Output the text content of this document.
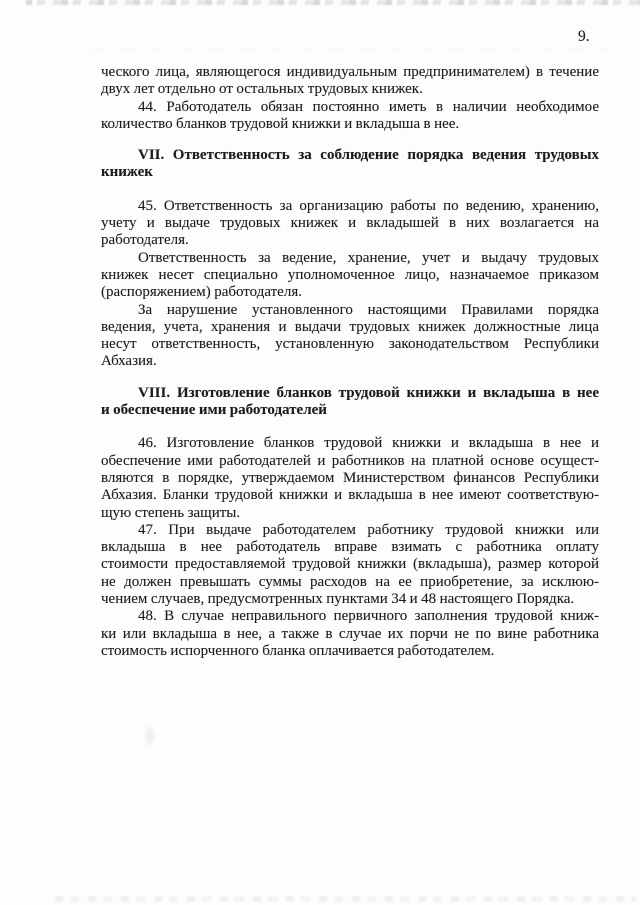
9.
ческого лица, являющегося индивидуальным предпринимателем) в течение
двух лет отдельно от остальных трудовых книжек.
44. Работодатель обязан постоянно иметь в наличии необходимое
количество бланков трудовой книжки и вкладыша в нее.
VII. Ответственность за соблюдение порядка ведения трудовых
книжек
45. Ответственность за организацию работы по ведению, хранению,
учету и выдаче трудовых книжек и вкладышей в них возлагается на
работодателя.
Ответственность за ведение, хранение, учет и выдачу трудовых
книжек несет специально уполномоченное лицо, назначаемое приказом
(распоряжением) работодателя.
За нарушение установленного настоящими Правилами порядка
ведения, учета, хранения и выдачи трудовых книжек должностные лица
несут ответственность, установленную законодательством Республики
Абхазия.
VIII. Изготовление бланков трудовой книжки и вкладыша в нее
и обеспечение ими работодателей
46. Изготовление бланков трудовой книжки и вкладыша в нее и
обеспечение ими работодателей и работников на платной основе осущест-
вляются в порядке, утверждаемом Министерством финансов Республики
Абхазия. Бланки трудовой книжки и вкладыша в нее имеют соответствую-
щую степень защиты.
47. При выдаче работодателем работнику трудовой книжки или
вкладыша в нее работодатель вправе взимать с работника оплату
стоимости предоставляемой трудовой книжки (вкладыша), размер которой
не должен превышать суммы расходов на ее приобретение, за исклюю-
чением случаев, предусмотренных пунктами 34 и 48 настоящего Порядка.
48. В случае неправильного первичного заполнения трудовой книж-
ки или вкладыша в нее, а также в случае их порчи не по вине работника
стоимость испорченного бланка оплачивается работодателем.
